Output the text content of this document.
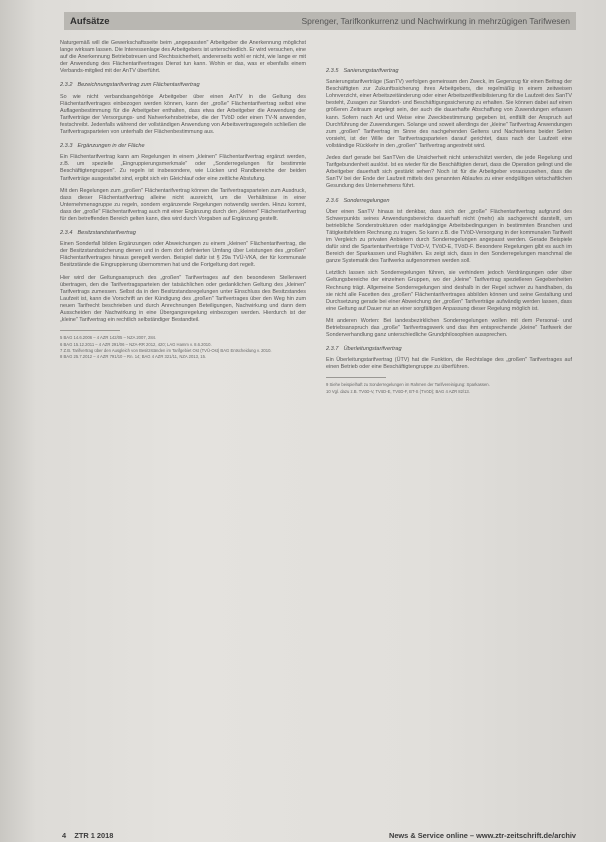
Aufsätze	Sprenger, Tarifkonkurrenz und Nachwirkung in mehrzügigen Tarifwesen

Naturgemäß will die Gewerkschaftsseite beim „angepassten" Arbeitgeber die Anerkennung möglichst lange wirksam lassen. Die Interessenlage des Arbeitgebers ist unterschiedlich. Er wird versuchen, eine auf die Anerkennung Betriebstreuen und Rechtssicherheit, andererseits wohl er nicht, wie lange er mit der Anwendung des Flächentarifvertrages Dienst tun kann. Wohin er das, was er ebenfalls einem Verbands-mitglied mit der AnTV überführt.

2.3.2 Bezeichnungstarifvertrag zum Flächentarifvertrag

So wie nicht verbandsangehörige Arbeitgeber über einen AnTV in die Geltung des Flächentarifvertrages einbezogen werden können, kann der „große" Flächentarifvertrag selbst eine Auflagenbestimmung für die Arbeitgeber enthalten, dass etwa der Arbeitgeber die Anwendung der Tarifverträge der Versorgungs- und Nahverkehrsbetriebe, die der TVöD oder einen TV-N anwenden, festschreibt. Jedenfalls während der vollständigen Anwendung von Arbeitsvertragsregeln schließen die Tarifvertragsparteien von unterhalb der Flächenbestimmung aus.

2.3.3 Ergänzungen in der Fläche

Ein Flächentarifvertrag kann am Regelungen in einem „kleinen" Flächentarifvertrag ergänzt werden, z.B. um spezielle „Eingruppierungsmerkmale" oder „Sonderregelungen für bestimmte Beschäftigtengruppen". Zu regeln ist insbesondere, wie Lücken und Randbereiche der beiden Tarifverträge ausgestaltet sind, ergibt sich ein Gleichlauf oder eine zeitliche Abstufung.

Mit den Regelungen zum „großen" Flächentarifvertrag können die Tarifvertragsparteien zum Ausdruck, dass dieser Flächentarifvertrag alleine nicht ausreicht, um die Verhältnisse in einer Unternehmensgruppe zu regeln, sondern ergänzende Regelungen notwendig werden. Hinzu kommt, dass der „große" Flächentarifvertrag auch mit einer Ergänzung durch den „kleinen" Flächentarifvertrag für den betreffenden Bereich gelten kann, dies wird durch Vorgaben auf Ergänzung gestellt.

2.3.4 Besitzstandstarifvertrag

Einen Sonderfall bilden Ergänzungen oder Abweichungen zu einem „kleinen" Flächentarifvertrag, die der Besitzstandssicherung dienen und in dem dort definierten Umfang über Leistungen des „großen" Flächentarifvertrages hinaus geregelt werden. Beispiel dafür ist § 29a TVÜ-VKA, der für kommunale Besitzstände die Eingruppierung übernommen hat und die Fortgeltung dort regelt.

Hier wird der Geltungsanspruch des „großen" Tarifvertrages auf den besonderen Stellenwert übertragen, den die Tarifvertragsparteien der tatsächlichen oder gedanklichen Geltung des „kleinen" Tarifvertrags zumessen. Selbst da in den Besitzstandsregelungen unter Einschluss des Besitzstandes Laufzeit ist, kann die Vorschrift an der Kündigung des „großen" Tarifvertrages über den Weg hin zum neuen Tarifrecht beschrieben und durch Anrechnungen Beteiligungen, Nachwirkung und dann dem Ausscheiden der Nachwirkung in eine Übergangsregelung einbezogen werden. Hierdurch ist der „kleine" Tarifvertrag ein rechtlich selbständiger Bestandteil.

5 BAG 14.6.2006 – 4 AZR 142/05 – NZA 2007, 284.
6 BAG 15.12.2011 – 4 AZR 291/06 – NZA-RR 2012, 420; LAG Hamm v. 8.6.2010.
7 Z.B. Tarifvertrag über den Ausgleich von Besitzständen im Tarifgebiet Ost (TVÜ-Ost) BAG Entscheidung v. 2010.
8 BAG 25.7.2012 – 4 AZR 791/10 – Rn. 14; BAG 4 AZR 321/11, NZA 2013, 15.
2.3.5 Sanierungstarifvertrag

Sanierungstarifverträge (SanTV) verfolgen gemeinsam den Zweck, im Gegenzug für einen Beitrag der Beschäftigten zur Zukunftssicherung ihres Arbeitgebers, die regelmäßig in einem zeitweisen Lohnverzicht, einer Arbeitszeitänderung oder einer Arbeitszeitflexibilisierung für die Laufzeit des SanTV besteht, Zusagen zur Standort- und Beschäftigungssicherung zu erhalten. Sie können dabei auf einen größeren Zeitraum angelegt sein, der auch die dauerhafte Abschaffung von Zuwendungen erfassen kann. Sofern nach Art und Weise eine Zweckbestimmung gegeben ist, entfällt der Anspruch auf Durchführung der Zuwendungen. Solange und soweit allerdings der „kleine" Tarifvertrag Anwendungen zum „großen" Tarifvertrag im Sinne des nachgehenden Geltens und Nachwirkens beider Seiten vorsieht, ist der Wille der Tarifvertragsparteien darauf gerichtet, dass nach der Laufzeit eine vollständige Rückkehr in den „großen" Tarifvertrag angestrebt wird.

Jedes darf gerade bei SanTVen die Unsicherheit nicht unterschätzt werden, die jede Regelung und Tarifgebundenheit auslöst. Ist es wieder für die Beschäftigten derart, dass die Operation gelingt und die Arbeitgeber dauerhaft sich gestärkt sehen? Noch ist für die Arbeitgeber vorauszusehen, dass die SanTV bei der Ende der Laufzeit mittels des genannten Ablaufes zu einer endgültigen wirtschaftlichen Gesundung des Unternehmens führt.

2.3.6 Sonderregelungen

Über einen SanTV hinaus ist denkbar, dass sich der „große" Flächentarifvertrag aufgrund des Schwerpunkts seines Anwendungsbereichs dauerhaft nicht (mehr) als sachgerecht darstellt, um betriebliche Sonderstrukturen oder marktgängige Arbeitsbedingungen in bestimmten Branchen und Tätigkeitsfeldern Rechnung zu tragen. So kann z.B. die TVöD-Versorgung in der kommunalen Tarifwelt im Vergleich zu privaten Anbietern durch Sonderregelungen angepasst werden. Gerade Beispiele dafür sind die Spartentarifverträge TVöD-V, TVöD-E, TVöD-F. Besondere Regelungen gibt es auch im Bereich der Sparkassen und Flughäfen. Es zeigt sich, dass in den Sonderregelungen manchmal die ganze Systematik des Tarifwerks aufgenommen werden soll.

Letztlich lassen sich Sonderregelungen führen, sie verhindern jedoch Verdrängungen oder über Geltungsbereiche der einzelnen Gruppen, wo der „kleine" Tarifvertrag spezielleren Gegebenheiten Rechnung trägt. Allgemeine Sonderregelungen sind deshalb in der Regel schwer zu handhaben, da sie nicht alle Facetten des „großen" Flächentarifvertrages abbilden können und seine Gestaltung und Durchsetzung gerade bei einer Abweichung der „großen" Tarifverträge aufwändig werden lassen, dass eine Geltung auf Dauer nur an einer sorgfältigen Anpassung dieser Regelung möglich ist.

Mit anderen Worten: Bei landesbezirklichen Sonderregelungen wollen mit dem Personal- und Betriebsanspruch das „große" Tarifvertragswerk und das ihm entsprechende „kleine" Tarifwerk der Sonderverhandlung ganz unterschiedliche Grundphilosophien aussprechen.

2.3.7 Überleitungstarifvertrag

Ein Überleitungstarifvertrag (ÜTV) hat die Funktion, die Rechtslage des „großen" Tarifvertrages auf einen Betrieb oder eine Beschäftigtengruppe zu überführen.

9 Siehe beispielhaft zu Sonderregelungen im Rahmen der Tarifvereinigung: Sparkassen.
10 Vgl. dazu z.B. TVöD-V, TVöD-E, TVöD-F, BT-S (TVöD); BAG 4 AZR 82/13.
4 ZTR 1 2018	News & Service online – www.ztr-zeitschrift.de/archiv
